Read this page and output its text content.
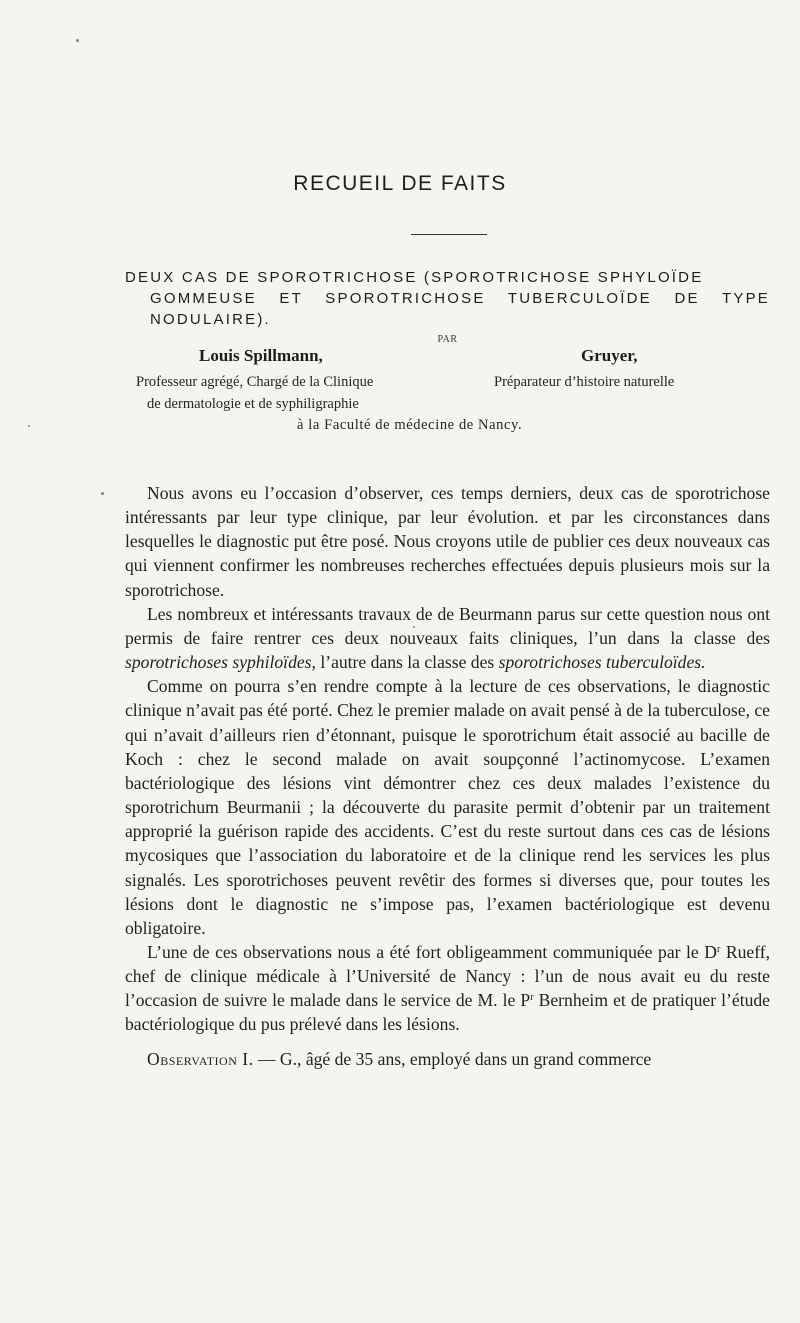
RECUEIL DE FAITS
DEUX CAS DE SPOROTRICHOSE (SPOROTRICHOSE SPHYLOÏDE
GOMMEUSE ET SPOROTRICHOSE TUBERCULOÏDE DE TYPE
NODULAIRE).
PAR
Louis Spillmann,	Gruyer,
Professeur agrégé, Chargé de la Clinique	Préparateur d’histoire naturelle
de dermatologie et de syphiligraphie
à la Faculté de médecine de Nancy.

Nous avons eu l’occasion d’observer, ces temps derniers, deux cas de sporotrichose intéressants par leur type clinique, par leur évolution. et par les circonstances dans lesquelles le diagnostic put être posé. Nous croyons utile de publier ces deux nouveaux cas qui viennent confirmer les nombreuses recherches effectuées depuis plusieurs mois sur la sporotrichose.

Les nombreux et intéressants travaux de de Beurmann parus sur cette question nous ont permis de faire rentrer ces deux nouveaux faits cliniques, l’un dans la classe des sporotrichoses syphiloïdes, l’autre dans la classe des sporotrichoses tuberculoïdes.

Comme on pourra s’en rendre compte à la lecture de ces observations, le diagnostic clinique n’avait pas été porté. Chez le premier malade on avait pensé à de la tuberculose, ce qui n’avait d’ailleurs rien d’étonnant, puisque le sporotrichum était associé au bacille de Koch : chez le second malade on avait soupçonné l’actinomycose. L’examen bactériologique des lésions vint démontrer chez ces deux malades l’existence du sporotrichum Beurmanii ; la découverte du parasite permit d’obtenir par un traitement approprié la guérison rapide des accidents. C’est du reste surtout dans ces cas de lésions mycosiques que l’association du laboratoire et de la clinique rend les services les plus signalés. Les sporotrichoses peuvent revêtir des formes si diverses que, pour toutes les lésions dont le diagnostic ne s’impose pas, l’examen bactériologique est devenu obligatoire.

L’une de ces observations nous a été fort obligeamment communiquée par le $D^r$ Rueff, chef de clinique médicale à l’Université de Nancy : l’un de nous avait eu du reste l’occasion de suivre le malade dans le service de M. le $P^r$ Bernheim et de pratiquer l’étude bactériologique du pus prélevé dans les lésions.

Observation I. — G., âgé de 35 ans, employé dans un grand commerce
